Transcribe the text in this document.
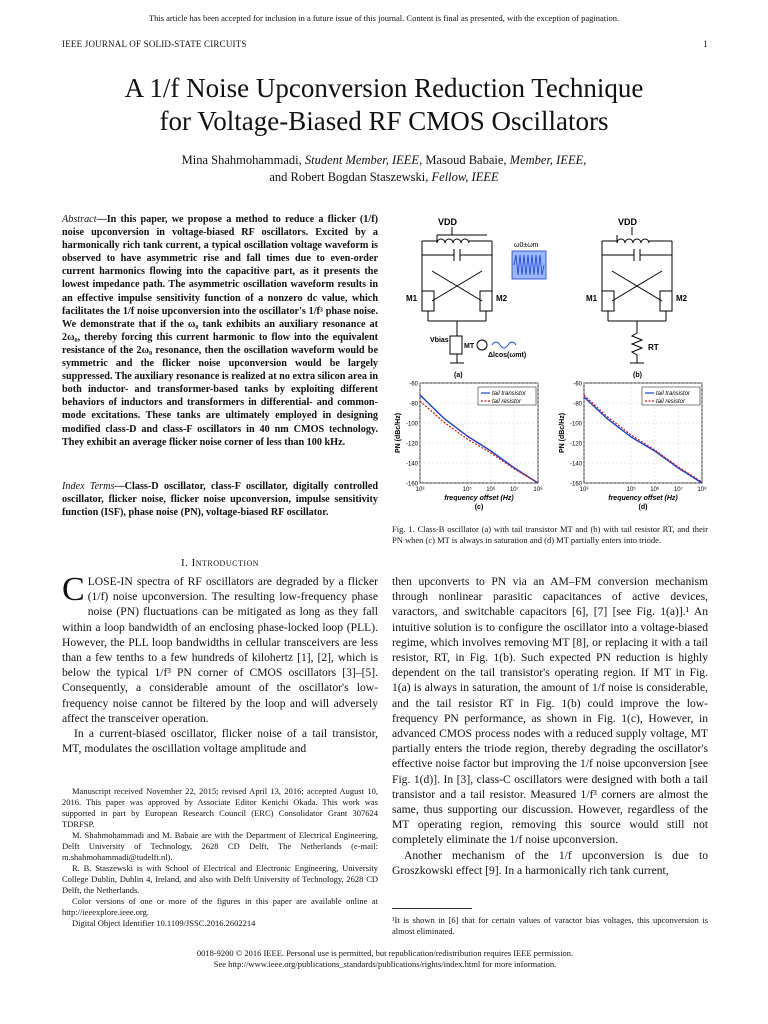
This article has been accepted for inclusion in a future issue of this journal. Content is final as presented, with the exception of pagination.
IEEE JOURNAL OF SOLID-STATE CIRCUITS	1
A 1/f Noise Upconversion Reduction Technique
for Voltage-Biased RF CMOS Oscillators
Mina Shahmohammadi, Student Member, IEEE, Masoud Babaie, Member, IEEE,
and Robert Bogdan Staszewski, Fellow, IEEE
Abstract—In this paper, we propose a method to reduce a flicker (1/f) noise upconversion in voltage-biased RF oscillators. Excited by a harmonically rich tank current, a typical oscillation voltage waveform is observed to have asymmetric rise and fall times due to even-order current harmonics flowing into the capacitive part, as it presents the lowest impedance path. The asymmetric oscillation waveform results in an effective impulse sensitivity function of a nonzero dc value, which facilitates the 1/f noise upconversion into the oscillator's 1/f³ phase noise. We demonstrate that if the ω₀ tank exhibits an auxiliary resonance at 2ω₀, thereby forcing this current harmonic to flow into the equivalent resistance of the 2ω₀ resonance, then the oscillation waveform would be symmetric and the flicker noise upconversion would be largely suppressed. The auxiliary resonance is realized at no extra silicon area in both inductor- and transformer-based tanks by exploiting different behaviors of inductors and transformers in differential- and common-mode excitations. These tanks are ultimately employed in designing modified class-D and class-F oscillators in 40 nm CMOS technology. They exhibit an average flicker noise corner of less than 100 kHz.
Index Terms—Class-D oscillator, class-F oscillator, digitally controlled oscillator, flicker noise, flicker noise upconversion, impulse sensitivity function (ISF), phase noise (PN), voltage-biased RF oscillator.
I. Introduction

CLOSE-IN spectra of RF oscillators are degraded by a flicker (1/f) noise upconversion. The resulting low-frequency phase noise (PN) fluctuations can be mitigated as long as they fall within a loop bandwidth of an enclosing phase-locked loop (PLL). However, the PLL loop bandwidths in cellular transceivers are less than a few tenths to a few hundreds of kilohertz [1], [2], which is below the typical 1/f³ PN corner of CMOS oscillators [3]–[5]. Consequently, a considerable amount of the oscillator's low-frequency noise cannot be filtered by the loop and will adversely affect the transceiver operation.

In a current-biased oscillator, flicker noise of a tail transistor, MT, modulates the oscillation voltage amplitude and

Manuscript received November 22, 2015; revised April 13, 2016; accepted August 10, 2016. This paper was approved by Associate Editor Kenichi Okada. This work was supported in part by European Research Council (ERC) Consolidator Grant 307624 TDRFSP.

M. Shahmohammadi and M. Babaie are with the Department of Electrical Engineering, Delft University of Technology, 2628 CD Delft, The Netherlands (e-mail: m.shahmohammadi@tudelft.nl).

R. B. Staszewski is with School of Electrical and Electronic Engineering, University College Dublin, Dublin 4, Ireland, and also with Delft University of Technology, 2628 CD Delft, the Netherlands.

Color versions of one or more of the figures in this paper are available online at http://ieeexplore.ieee.org.

Digital Object Identifier 10.1109/JSSC.2016.2602214

VDD
M1	M2
Vbias
MT
Δlcos(ωmt)
ω0±ωm
(a)
VDD
M1	M2
RT
(b)
-60
-80
-100
-120
-140
-160
10³	10⁵ 10⁶ 10⁷ 10⁸
frequency offset (Hz)
PN (dBc/Hz)
(c)
tail transistor
tail resistor
-60
-80
-100
-120
-140
-160
10³	10⁵ 10⁶ 10⁷ 10⁸
frequency offset (Hz)
PN (dBc/Hz)
(d)
tail transistor
tail resistor
Fig. 1. Class-B oscillator (a) with tail transistor MT and (b) with tail resistor RT, and their PN when (c) MT is always in saturation and (d) MT partially enters into triode.

then upconverts to PN via an AM–FM conversion mechanism through nonlinear parasitic capacitances of active devices, varactors, and switchable capacitors [6], [7] [see Fig. 1(a)].¹ An intuitive solution is to configure the oscillator into a voltage-biased regime, which involves removing MT [8], or replacing it with a tail resistor, RT, in Fig. 1(b). Such expected PN reduction is highly dependent on the tail transistor's operating region. If MT in Fig. 1(a) is always in saturation, the amount of 1/f noise is considerable, and the tail resistor RT in Fig. 1(b) could improve the low-frequency PN performance, as shown in Fig. 1(c), However, in advanced CMOS process nodes with a reduced supply voltage, MT partially enters the triode region, thereby degrading the oscillator's effective noise factor but improving the 1/f noise upconversion [see Fig. 1(d)]. In [3], class-C oscillators were designed with both a tail transistor and a tail resistor. Measured 1/f³ corners are almost the same, thus supporting our discussion. However, regardless of the MT operating region, removing this source would still not completely eliminate the 1/f noise upconversion.

Another mechanism of the 1/f upconversion is due to Groszkowski effect [9]. In a harmonically rich tank current,

¹It is shown in [6] that for certain values of varactor bias voltages, this upconversion is almost eliminated.
0018-9200 © 2016 IEEE. Personal use is permitted, but republication/redistribution requires IEEE permission.
See http://www.ieee.org/publications_standards/publications/rights/index.html for more information.
